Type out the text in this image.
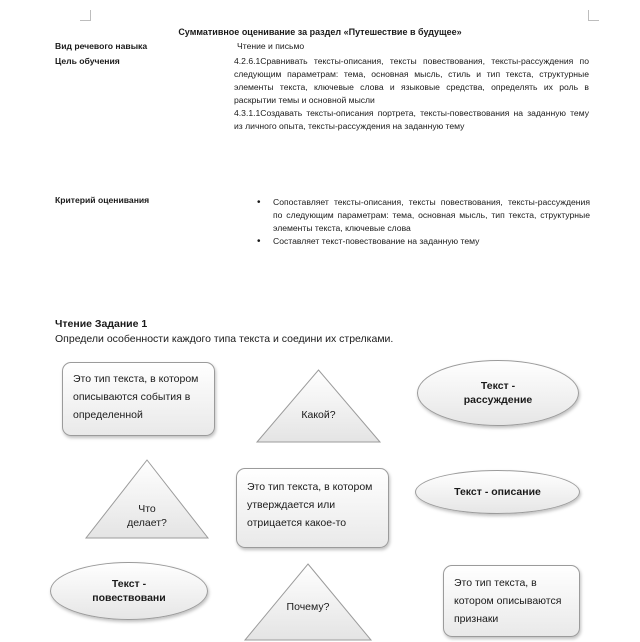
Суммативное оценивание за раздел «Путешествие в будущее»
Вид речевого навыка	Чтение и письмо
Цель обучения	4.2.6.1Сравнивать тексты-описания, тексты повествования, тексты-рассуждения по следующим параметрам: тема, основная мысль, стиль и тип текста, структурные элементы текста, ключевые слова и языковые средства, определять их роль в раскрытии темы и основной мысли

4.3.1.1Создавать тексты-описания портрета, тексты-повествования на заданную тему из личного опыта, тексты-рассуждения на заданную тему

Критерий оценивания
•	Сопоставляет тексты-описания, тексты повествования, тексты-рассуждения по следующим параметрам: тема, основная мысль, тип текста, структурные элементы текста, ключевые слова
• Составляет текст-повествование на заданную тему
Чтение Задание 1
Определи особенности каждого типа текста и соедини их стрелками.
Это тип текста, в котором описываются события в определенной	Какой?
Текст - рассуждение
Что делает?
Это тип текста, в котором утверждается или отрицается какое-то
Текст - описание
Текст - повествовани
Почему?
Это тип текста, в котором описываются признаки
